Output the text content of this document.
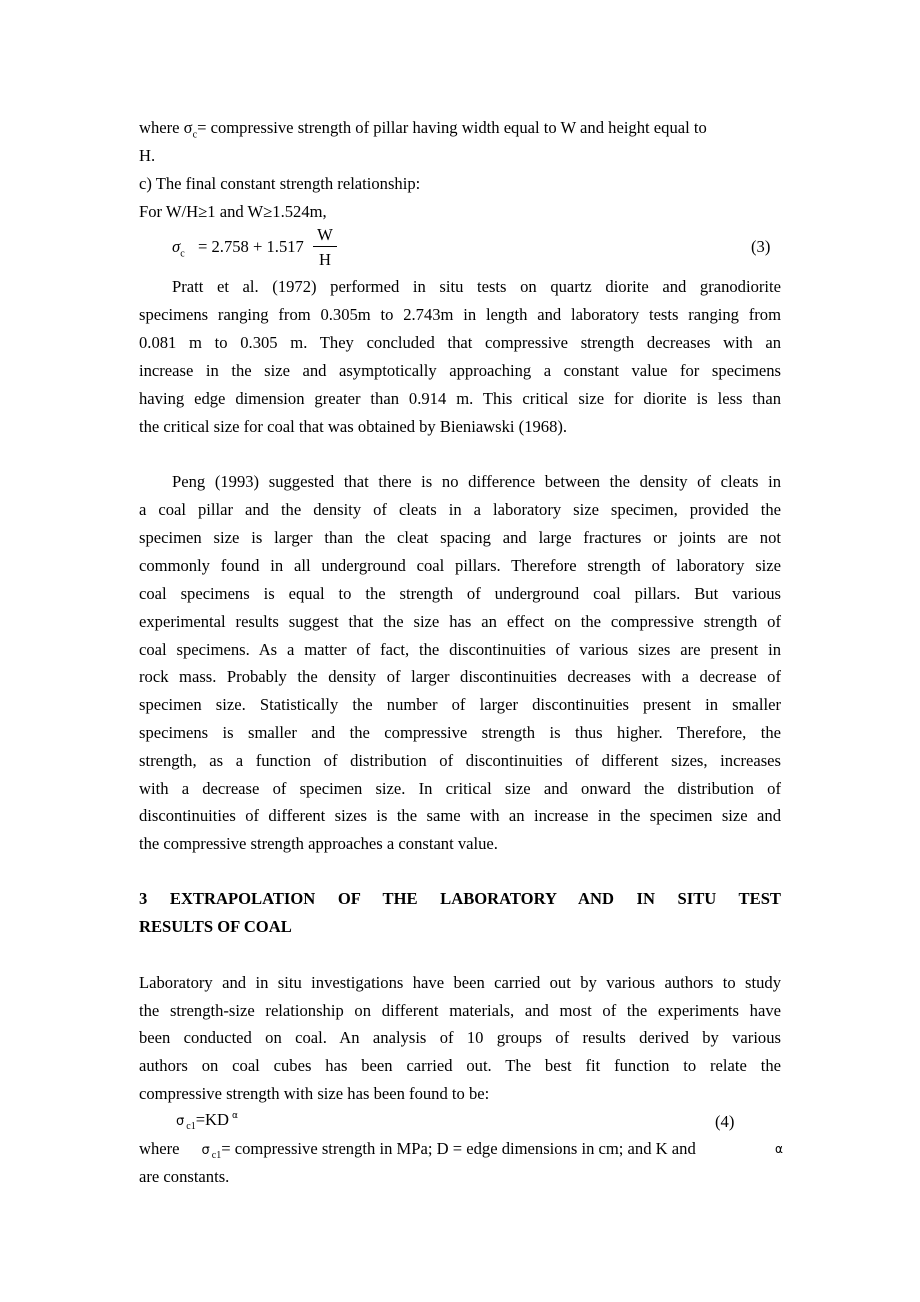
where $\sigma_c=$ compressive strength of pillar having width equal to W and height equal to
H.
c) The final constant strength relationship:
For W/H≥1 and W≥1.524m,
$\sigma_c = 2.758 + 1.517$
W
H
(3)
Pratt et al. (1972) performed in situ tests on quartz diorite and granodiorite
specimens ranging from 0.305m to 2.743m in length and laboratory tests ranging from
0.081 m to 0.305 m. They concluded that compressive strength decreases with an
increase in the size and asymptotically approaching a constant value for specimens
having edge dimension greater than 0.914 m. This critical size for diorite is less than
the critical size for coal that was obtained by Bieniawski (1968).
Peng (1993) suggested that there is no difference between the density of cleats in
a coal pillar and the density of cleats in a laboratory size specimen, provided the
specimen size is larger than the cleat spacing and large fractures or joints are not
commonly found in all underground coal pillars. Therefore strength of laboratory size
coal specimens is equal to the strength of underground coal pillars. But various
experimental results suggest that the size has an effect on the compressive strength of
coal specimens. As a matter of fact, the discontinuities of various sizes are present in
rock mass. Probably the density of larger discontinuities decreases with a decrease of
specimen size. Statistically the number of larger discontinuities present in smaller
specimens is smaller and the compressive strength is thus higher. Therefore, the
strength, as a function of distribution of discontinuities of different sizes, increases
with a decrease of specimen size. In critical size and onward the distribution of
discontinuities of different sizes is the same with an increase in the specimen size and
the compressive strength approaches a constant value.
3 EXTRAPOLATION OF THE LABORATORY AND IN SITU TEST
RESULTS OF COAL
Laboratory and in situ investigations have been carried out by various authors to study
the strength-size relationship on different materials, and most of the experiments have
been conducted on coal. An analysis of 10 groups of results derived by various
authors on coal cubes has been carried out. The best fit function to relate the
compressive strength with size has been found to be:
σ $_{c1}$=KD $^\alpha$	(4)
where σ $_{c1}$= compressive strength in MPa; D = edge dimensions in cm; and K and	α
are constants.
